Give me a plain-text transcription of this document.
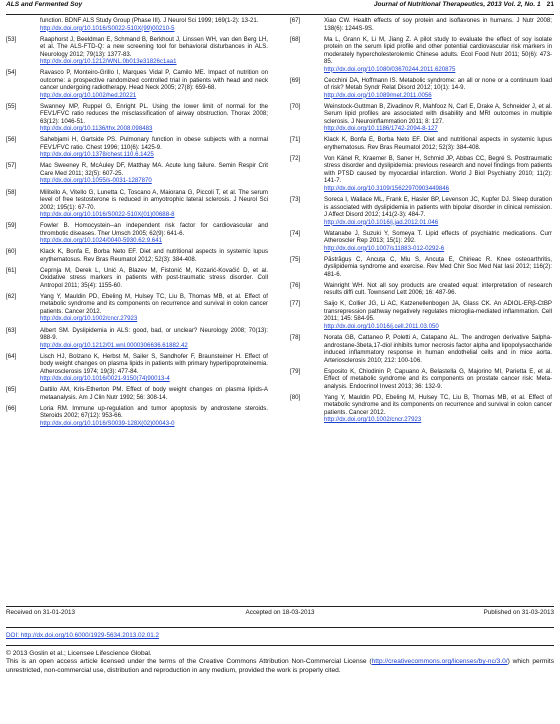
ALS and Fermented Soy	Journal of Nutritional Therapeutics, 2013 Vol. 2, No. 1 21
function. BDNF ALS Study Group (Phase III). J Neurol Sci 1999; 169(1-2): 13-21.
http://dx.doi.org/10.1016/S0022-510X(99)00210-5
[53]	Raaphorst J, Beeldman E, Schmand B, Berkhout J, Linssen WH, van den Berg LH, et al. The ALS-FTD-Q: a new screening tool for behavioral disturbances in ALS. Neurology 2012; 79(13): 1377-83.
http://dx.doi.org/10.1212/WNL.0b013e31826c1aa1
[54]	Ravasco P, Monteiro-Grillo I, Marques Vidal P, Camilo ME. Impact of nutrition on outcome: a prospective randomized controlled trial in patients with head and neck cancer undergoing radiotherapy. Head Neck 2005; 27(8): 659-68.
http://dx.doi.org/10.1002/hed.20221
[55]	Swanney MP, Ruppel G, Enright PL. Using the lower limit of normal for the FEV1/FVC ratio reduces the misclassification of airway obstruction. Thorax 2008; 63(12): 1046-51.
http://dx.doi.org/10.1136/thx.2008.098483
[56]	Sahebjami H, Gartside PS. Pulmonary function in obese subjects with a normal FEV1/FVC ratio. Chest 1996; 110(6): 1425-9.
http://dx.doi.org/10.1378/chest.110.6.1425
[57]	Mac Sweeney R, McAuley DF, Matthay MA. Acute lung failure. Semin Respir Crit Care Med 2011; 32(5): 607-25.
http://dx.doi.org/10.1055/s-0031-1287870
[58]	Militello A, Vitello G, Lunetta C, Toscano A, Maiorana G, Piccoli T, et al. The serum level of free testosterone is reduced in amyotrophic lateral sclerosis. J Neurol Sci 2002; 195(1): 67-70.
http://dx.doi.org/10.1016/S0022-510X(01)00688-8
[59]	Fowler B. Homocystein--an independent risk factor for cardiovascular and thrombotic diseases. Ther Umsch 2005; 62(9): 641-6.
http://dx.doi.org/10.1024/0040-5930.62.9.641
[60]	Klack K, Bonfa E, Borba Neto EF. Diet and nutritional aspects in systemic lupus erythematosus. Rev Bras Reumatol 2012; 52(3): 384-408.
[61]	Ceprnja M, Derek L, Unić A, Blazev M, Fistonić M, Kozarić-Kovačić D, et al. Oxidative stress markers in patients with post-traumatic stress disorder. Coll Antropol 2011; 35(4): 1155-60.
[62]	Yang Y, Mauldin PD, Ebeling M, Hulsey TC, Liu B, Thomas MB, et al. Effect of metabolic syndrome and its components on recurrence and survival in colon cancer patients. Cancer 2012.
http://dx.doi.org/10.1002/cncr.27923
[63]	Albert SM. Dyslipidemia in ALS: good, bad, or unclear? Neurology 2008; 70(13): 988-9.
http://dx.doi.org/10.1212/01.wnl.0000306636.61882.42
[64]	Lisch HJ, Bolzano K, Herbst M, Sailer S, Sandhofer F, Braunsteiner H. Effect of body weight changes on plasma lipids in patients with primary hyperlipoproteinemia. Atherosclerosis 1974; 19(3): 477-84.
http://dx.doi.org/10.1016/0021-9150(74)90013-4
[65]	Dattilo AM, Kris-Etherton PM. Effect of body weight changes on plasma lipids-A metaanalysis. Am J Clin Nutr 1992; 56: 308-14.
[66]	Loria RM. Immune up-regulation and tumor apoptosis by androstene steroids. Steroids 2002; 67(12): 953-66.
http://dx.doi.org/10.1016/S0039-128X(02)00043-0
[67]	Xiao CW. Health effects of soy protein and isoflavones in humans. J Nutr 2008; 138(6): 1244S-9S.
[68]	Ma L, Grann K, Li M, Jiang Z. A pilot study to evaluate the effect of soy isolate protein on the serum lipid profile and other potential cardiovascular risk markers in moderately hypercholesterolemic Chinese adults. Ecol Food Nutr 2011; 50(6): 473-85.
http://dx.doi.org/10.1080/03670244.2011.620875
[69]	Cecchini DA, Hoffmann IS. Metabolic syndrome: an all or none or a continuum load of risk? Metab Syndr Relat Disord 2012; 10(1): 14-9.
http://dx.doi.org/10.1089/met.2011.0056
[70]	Weinstock-Guttman B, Zivadinov R, Mahfooz N, Carl E, Drake A, Schneider J, et al. Serum lipid profiles are associated with disability and MRI outcomes in multiple sclerosis. J Neuroinflammation 2011; 8: 127.
http://dx.doi.org/10.1186/1742-2094-8-127
[71]	Klack K, Bonfa E, Borba Neto EF. Diet and nutritional aspects in systemic lupus erythematosus. Rev Bras Reumatol 2012; 52(3): 384-408.
[72]	Von Känel R, Kraemer B, Saner H, Schmid JP, Abbas CC, Begré S. Posttraumatic stress disorder and dyslipidemia: previous research and novel findings from patients with PTSD caused by myocardial infarction. World J Biol Psychiatry 2010; 11(2): 141-7.
http://dx.doi.org/10.3109/15622970903449846
[73]	Soreca I, Wallace ML, Frank E, Hasler BP, Levenson JC, Kupfer DJ. Sleep duration is associated with dyslipidemia in patients with bipolar disorder in clinical remission. J Affect Disord 2012; 141(2-3): 484-7.
http://dx.doi.org/10.1016/j.jad.2012.01.046
[74]	Watanabe J, Suzuki Y, Someya T. Lipid effects of psychiatric medications. Curr Atheroscler Rep 2013; 15(1): 292.
http://dx.doi.org/10.1007/s11883-012-0292-6
[75]	Păstrăguș C, Ancuța C, Miu S, Ancuța E, Chirieac R. Knee osteoarthritis, dyslipidemia syndrome and exercise. Rev Med Chir Soc Med Nat Iasi 2012; 116(2): 481-6.
[76]	Wainright WH. Not all soy products are created equal: interpretation of research results diffi cult. Townsend Lett 2006; 16: 487-96.
[77]	Saijo K, Collier JG, Li AC, Katzenellenbogen JA, Glass CK. An ADIOL-ERβ-CtBP transrepression pathway negatively regulates microglia-mediated inflammation. Cell 2011; 145: 584-95.
http://dx.doi.org/10.1016/j.cell.2011.03.050
[78]	Norata GB, Cattaneo P, Poletti A, Catapano AL. The androgen derivative 5alpha-androstane-3beta,17-diol inhibits tumor necrosis factor alpha and lipopolysaccharide induced inflammatory response in human endothelial cells and in mice aorta. Arteriosclerosis 2010; 212: 100-106.
[79]	Esposito K, Chiodinin P, Capuano A, Belastella G, Majorino MI, Parietta E, et al. Effect of metabolic syndrome and its components on prostate cancer risk: Meta-analysis. Endocrinol Invest 2013; 36: 132-9.
[80]	Yang Y, Mauldin PD, Ebeling M, Hulsey TC, Liu B, Thomas MB, et al. Effect of metabolic syndrome and its components on recurrence and survival in colon cancer patients. Cancer 2012.
http://dx.doi.org/10.1002/cncr.27923
Received on 31-01-2013	Accepted on 18-03-2013	Published on 31-03-2013
DOI: http://dx.doi.org/10.6000/1929-5634.2013.02.01.2
© 2013 Goslin et al.; Licensee Lifescience Global.
This is an open access article licensed under the terms of the Creative Commons Attribution Non-Commercial License (http://creativecommons.org/licenses/by-nc/3.0/) which permits unrestricted, non-commercial use, distribution and reproduction in any medium, provided the work is properly cited.
